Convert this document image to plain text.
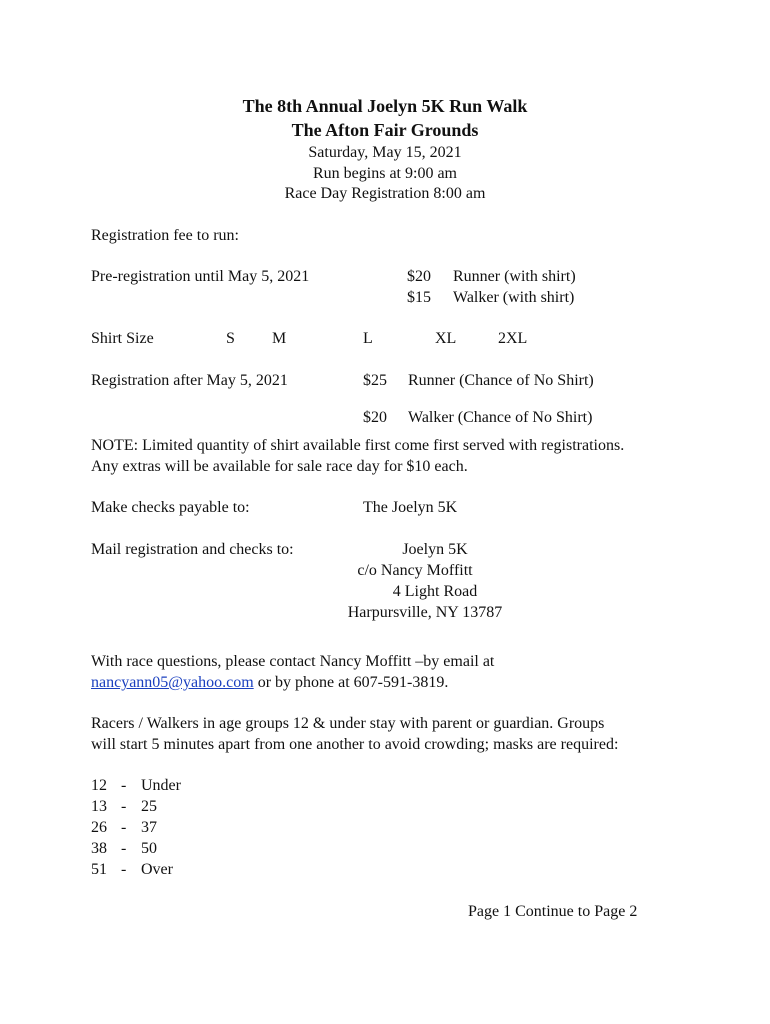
The 8th Annual Joelyn 5K Run Walk
The Afton Fair Grounds
Saturday, May 15, 2021
Run begins at 9:00 am
Race Day Registration 8:00 am
Registration fee to run:
Pre-registration until May 5, 2021	$20 Runner (with shirt)
$15 Walker (with shirt)
Shirt Size	S M	L	XL	2XL
Registration after May 5, 2021	$25 Runner (Chance of No Shirt)
$20 Walker (Chance of No Shirt)
NOTE: Limited quantity of shirt available first come first served with registrations.
Any extras will be available for sale race day for $10 each.
Make checks payable to:	The Joelyn 5K
Mail registration and checks to:	Joelyn 5K
c/o Nancy Moffitt
4 Light Road
Harpursville, NY 13787
With race questions, please contact Nancy Moffitt –by email at
nancyann05@yahoo.com or by phone at 607-591-3819.
Racers / Walkers in age groups 12 & under stay with parent or guardian. Groups
will start 5 minutes apart from one another to avoid crowding; masks are required:
12 - Under
13 - 25
26 - 37
38 - 50
51 - Over
Page 1 Continue to Page 2
